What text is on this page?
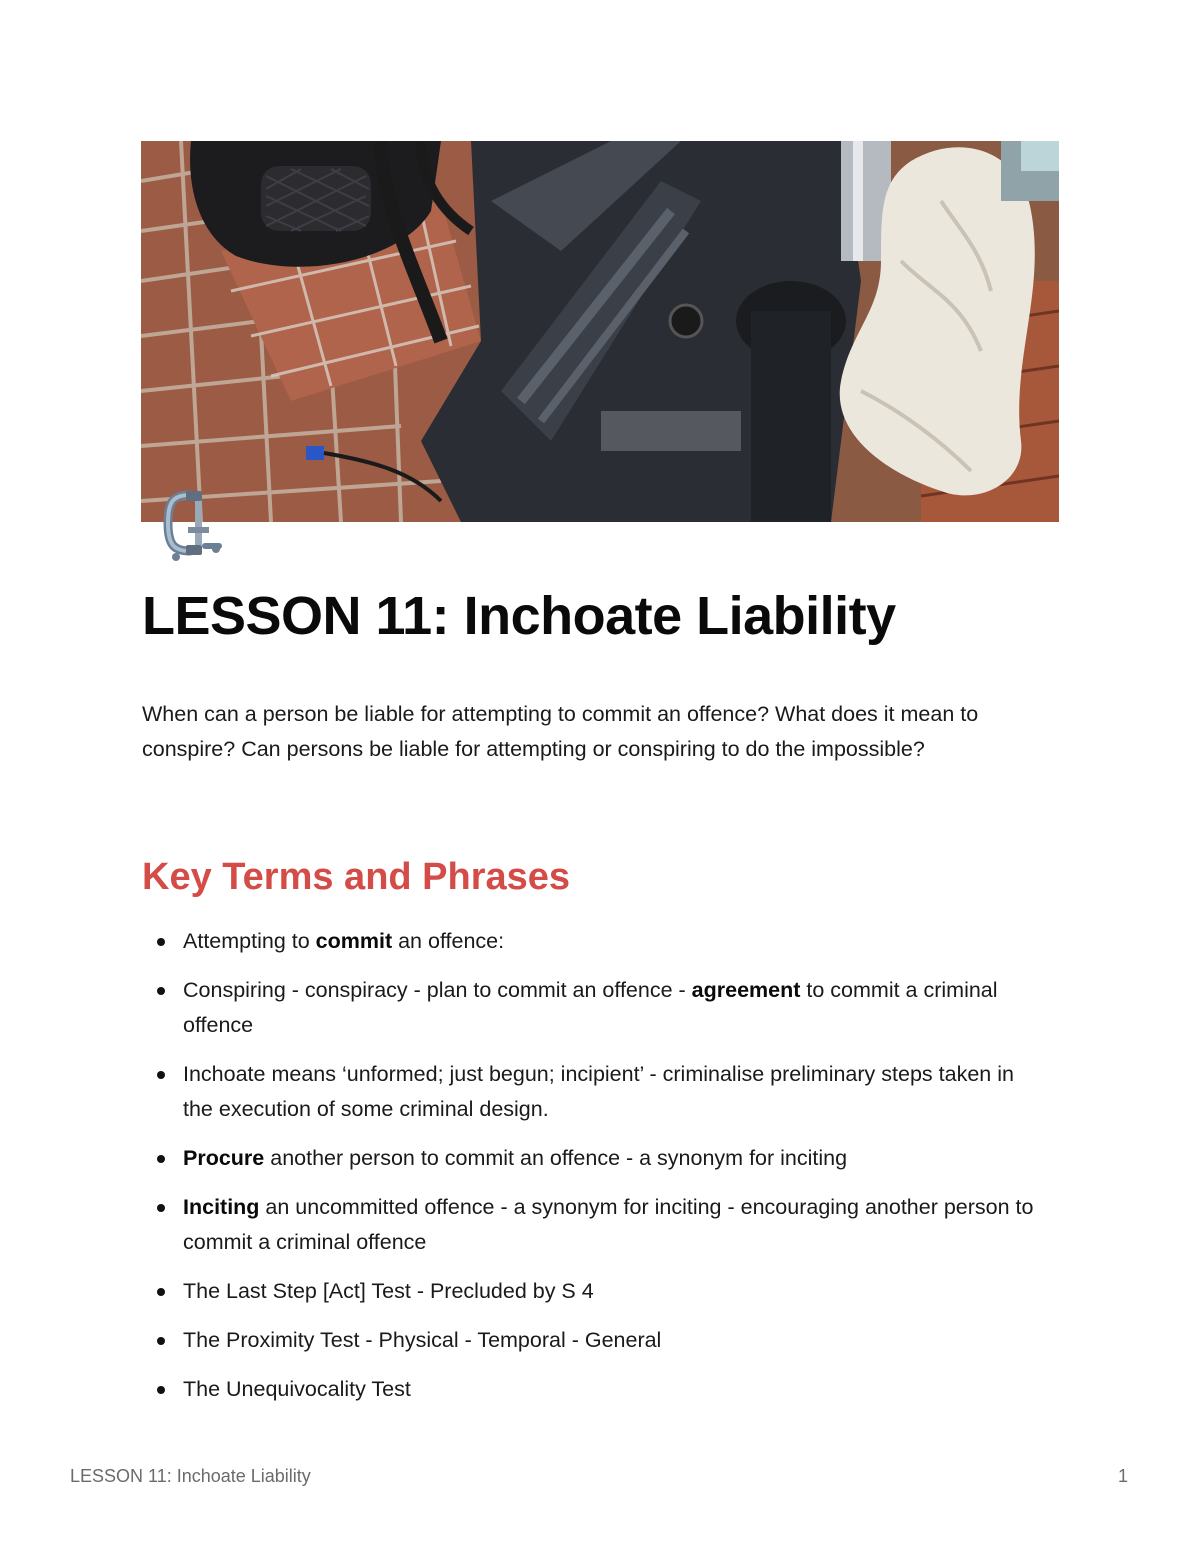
LESSON 11: Inchoate Liability

When can a person be liable for attempting to commit an offence? What does it mean to conspire? Can persons be liable for attempting or conspiring to do the impossible?

Key Terms and Phrases
Attempting to commit an offence:
Conspiring - conspiracy - plan to commit an offence - agreement to commit a criminal offence
Inchoate means ‘unformed; just begun; incipient’ - criminalise preliminary steps taken in the execution of some criminal design.
Procure another person to commit an offence - a synonym for inciting
Inciting an uncommitted offence - a synonym for inciting - encouraging another person to commit a criminal offence
The Last Step [Act] Test - Precluded by S 4
The Proximity Test - Physical - Temporal - General
The Unequivocality Test
LESSON 11: Inchoate Liability	1
